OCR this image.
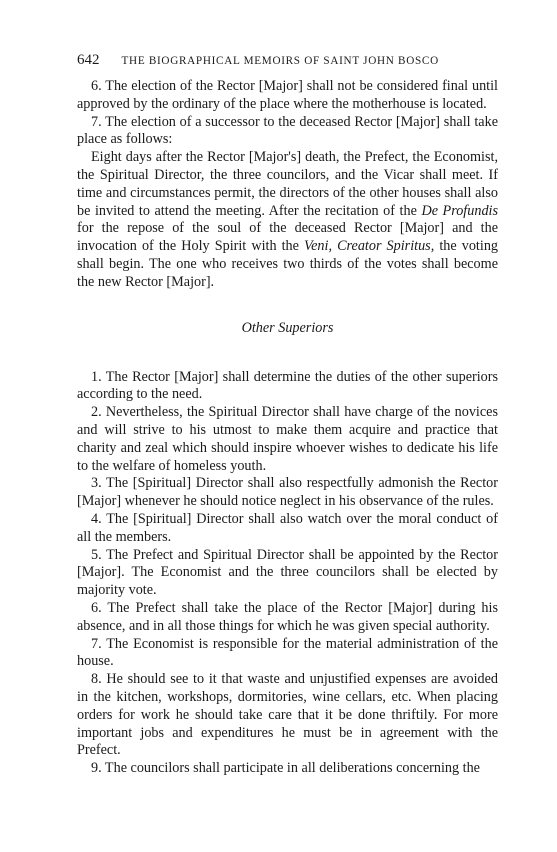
642 THE BIOGRAPHICAL MEMOIRS OF SAINT JOHN BOSCO

6. The election of the Rector [Major] shall not be considered final until approved by the ordinary of the place where the motherhouse is located.

7. The election of a successor to the deceased Rector [Major] shall take place as follows:

Eight days after the Rector [Major's] death, the Prefect, the Economist, the Spiritual Director, the three councilors, and the Vicar shall meet. If time and circumstances permit, the directors of the other houses shall also be invited to attend the meeting. After the recitation of the De Profundis for the repose of the soul of the deceased Rector [Major] and the invocation of the Holy Spirit with the Veni, Creator Spiritus, the voting shall begin. The one who receives two thirds of the votes shall become the new Rector [Major].

Other Superiors

1. The Rector [Major] shall determine the duties of the other superiors according to the need.

2. Nevertheless, the Spiritual Director shall have charge of the novices and will strive to his utmost to make them acquire and practice that charity and zeal which should inspire whoever wishes to dedicate his life to the welfare of homeless youth.

3. The [Spiritual] Director shall also respectfully admonish the Rector [Major] whenever he should notice neglect in his observance of the rules.

4. The [Spiritual] Director shall also watch over the moral conduct of all the members.

5. The Prefect and Spiritual Director shall be appointed by the Rector [Major]. The Economist and the three councilors shall be elected by majority vote.

6. The Prefect shall take the place of the Rector [Major] during his absence, and in all those things for which he was given special authority.

7. The Economist is responsible for the material administration of the house.

8. He should see to it that waste and unjustified expenses are avoided in the kitchen, workshops, dormitories, wine cellars, etc. When placing orders for work he should take care that it be done thriftily. For more important jobs and expenditures he must be in agreement with the Prefect.

9. The councilors shall participate in all deliberations concerning the
